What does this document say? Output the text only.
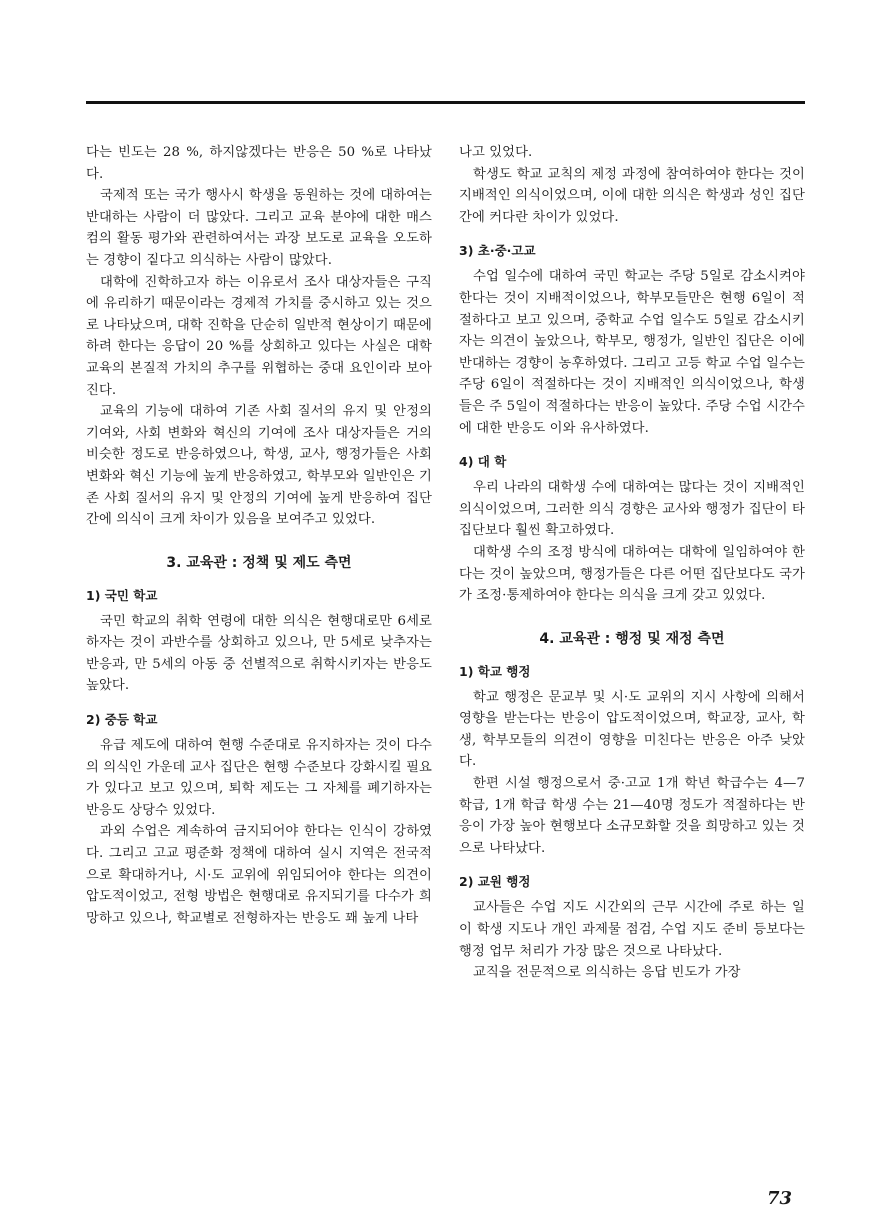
다는 빈도는 28 %, 하지않겠다는 반응은 50 %로 나타났다.

국제적 또는 국가 행사시 학생을 동원하는 것에 대하여는 반대하는 사람이 더 많았다. 그리고 교육 분야에 대한 매스컴의 활동 평가와 관련하여서는 과장 보도로 교육을 오도하는 경향이 짙다고 의식하는 사람이 많았다.

대학에 진학하고자 하는 이유로서 조사 대상자들은 구직에 유리하기 때문이라는 경제적 가치를 중시하고 있는 것으로 나타났으며, 대학 진학을 단순히 일반적 현상이기 때문에 하려 한다는 응답이 20 %를 상회하고 있다는 사실은 대학 교육의 본질적 가치의 추구를 위협하는 중대 요인이라 보아진다.

교육의 기능에 대하여 기존 사회 질서의 유지 및 안정의 기여와, 사회 변화와 혁신의 기여에 조사 대상자들은 거의 비슷한 정도로 반응하였으나, 학생, 교사, 행정가들은 사회 변화와 혁신 기능에 높게 반응하였고, 학부모와 일반인은 기존 사회 질서의 유지 및 안정의 기여에 높게 반응하여 집단간에 의식이 크게 차이가 있음을 보여주고 있었다.

3. 교육관 : 정책 및 제도 측면
1) 국민 학교

국민 학교의 취학 연령에 대한 의식은 현행대로만 6세로 하자는 것이 과반수를 상회하고 있으나, 만 5세로 낮추자는 반응과, 만 5세의 아동 중 선별적으로 취학시키자는 반응도 높았다.

2) 중등 학교

유급 제도에 대하여 현행 수준대로 유지하자는 것이 다수의 의식인 가운데 교사 집단은 현행 수준보다 강화시킬 필요가 있다고 보고 있으며, 퇴학 제도는 그 자체를 폐기하자는 반응도 상당수 있었다.

과외 수업은 계속하여 금지되어야 한다는 인식이 강하였다. 그리고 고교 평준화 정책에 대하여 실시 지역은 전국적으로 확대하거나, 시·도 교위에 위임되어야 한다는 의견이 압도적이었고, 전형 방법은 현행대로 유지되기를 다수가 희망하고 있으나, 학교별로 전형하자는 반응도 꽤 높게 나타

나고 있었다.

학생도 학교 교칙의 제정 과정에 참여하여야 한다는 것이 지배적인 의식이었으며, 이에 대한 의식은 학생과 성인 집단간에 커다란 차이가 있었다.

3) 초·중·고교

수업 일수에 대하여 국민 학교는 주당 5일로 감소시켜야 한다는 것이 지배적이었으나, 학부모들만은 현행 6일이 적절하다고 보고 있으며, 중학교 수업 일수도 5일로 감소시키자는 의견이 높았으나, 학부모, 행정가, 일반인 집단은 이에 반대하는 경향이 농후하였다. 그리고 고등 학교 수업 일수는 주당 6일이 적절하다는 것이 지배적인 의식이었으나, 학생들은 주 5일이 적절하다는 반응이 높았다. 주당 수업 시간수에 대한 반응도 이와 유사하였다.

4) 대 학

우리 나라의 대학생 수에 대하여는 많다는 것이 지배적인 의식이었으며, 그러한 의식 경향은 교사와 행정가 집단이 타집단보다 훨씬 확고하였다.

대학생 수의 조정 방식에 대하여는 대학에 일임하여야 한다는 것이 높았으며, 행정가들은 다른 어떤 집단보다도 국가가 조정·통제하여야 한다는 의식을 크게 갖고 있었다.

4. 교육관 : 행정 및 재정 측면
1) 학교 행정

학교 행정은 문교부 및 시·도 교위의 지시 사항에 의해서 영향을 받는다는 반응이 압도적이었으며, 학교장, 교사, 학생, 학부모들의 의견이 영향을 미친다는 반응은 아주 낮았다.

한편 시설 행정으로서 중·고교 1개 학년 학급수는 4—7학급, 1개 학급 학생 수는 21—40명 정도가 적절하다는 반응이 가장 높아 현행보다 소규모화할 것을 희망하고 있는 것으로 나타났다.

2) 교원 행정

교사들은 수업 지도 시간외의 근무 시간에 주로 하는 일이 학생 지도나 개인 과제물 점검, 수업 지도 준비 등보다는 행정 업무 처리가 가장 많은 것으로 나타났다.

교직을 전문적으로 의식하는 응답 빈도가 가장

73
